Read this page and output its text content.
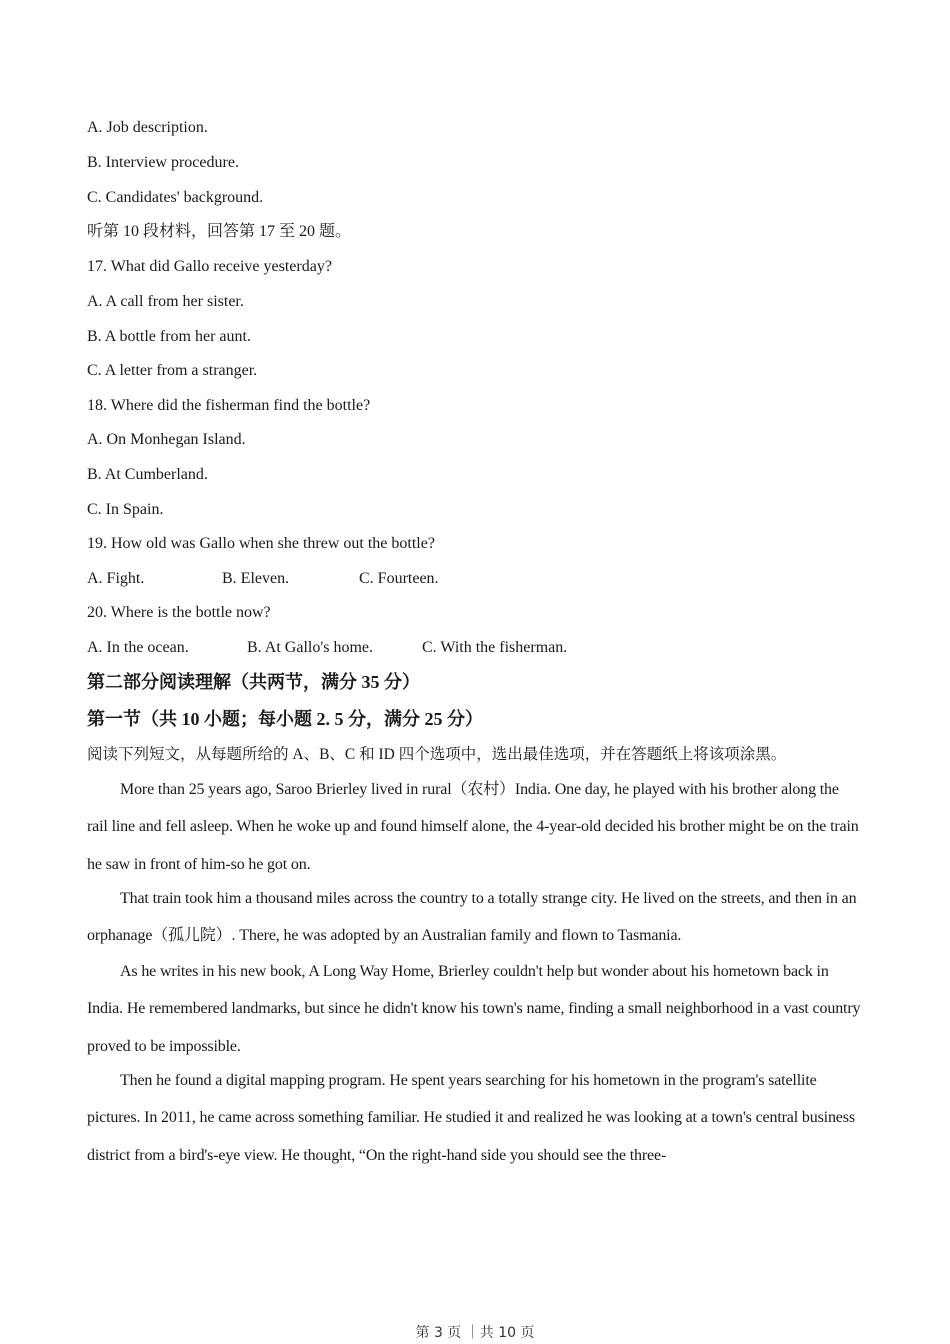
A. Job description.
B. Interview procedure.
C. Candidates' background.
听第 10 段材料，回答第 17 至 20 题。
17. What did Gallo receive yesterday?
A. A call from her sister.
B. A bottle from her aunt.
C. A letter from a stranger.
18. Where did the fisherman find the bottle?
A. On Monhegan Island.
B. At Cumberland.
C. In Spain.
19. How old was Gallo when she threw out the bottle?
A. Fight.	B. Eleven.	C. Fourteen.
20. Where is the bottle now?
A. In the ocean.	B. At Gallo's home.	C. With the fisherman.
第二部分阅读理解（共两节，满分 35 分）
第一节（共 10 小题；每小题 2. 5 分，满分 25 分）
阅读下列短文，从每题所给的 A、B、C 和 ID 四个选项中，选出最佳选项，并在答题纸上将该项涂黑。

More than 25 years ago, Saroo Brierley lived in rural（农村）India. One day, he played with his brother along the rail line and fell asleep. When he woke up and found himself alone, the 4-year-old decided his brother might be on the train he saw in front of him-so he got on.

That train took him a thousand miles across the country to a totally strange city. He lived on the streets, and then in an orphanage（孤儿院）. There, he was adopted by an Australian family and flown to Tasmania.

As he writes in his new book, A Long Way Home, Brierley couldn't help but wonder about his hometown back in India. He remembered landmarks, but since he didn't know his town's name, finding a small neighborhood in a vast country proved to be impossible.

Then he found a digital mapping program. He spent years searching for his hometown in the program's satellite pictures. In 2011, he came across something familiar. He studied it and realized he was looking at a town's central business district from a bird's-eye view. He thought, “On the right-hand side you should see the three-

第 3 页 ｜共 10 页
